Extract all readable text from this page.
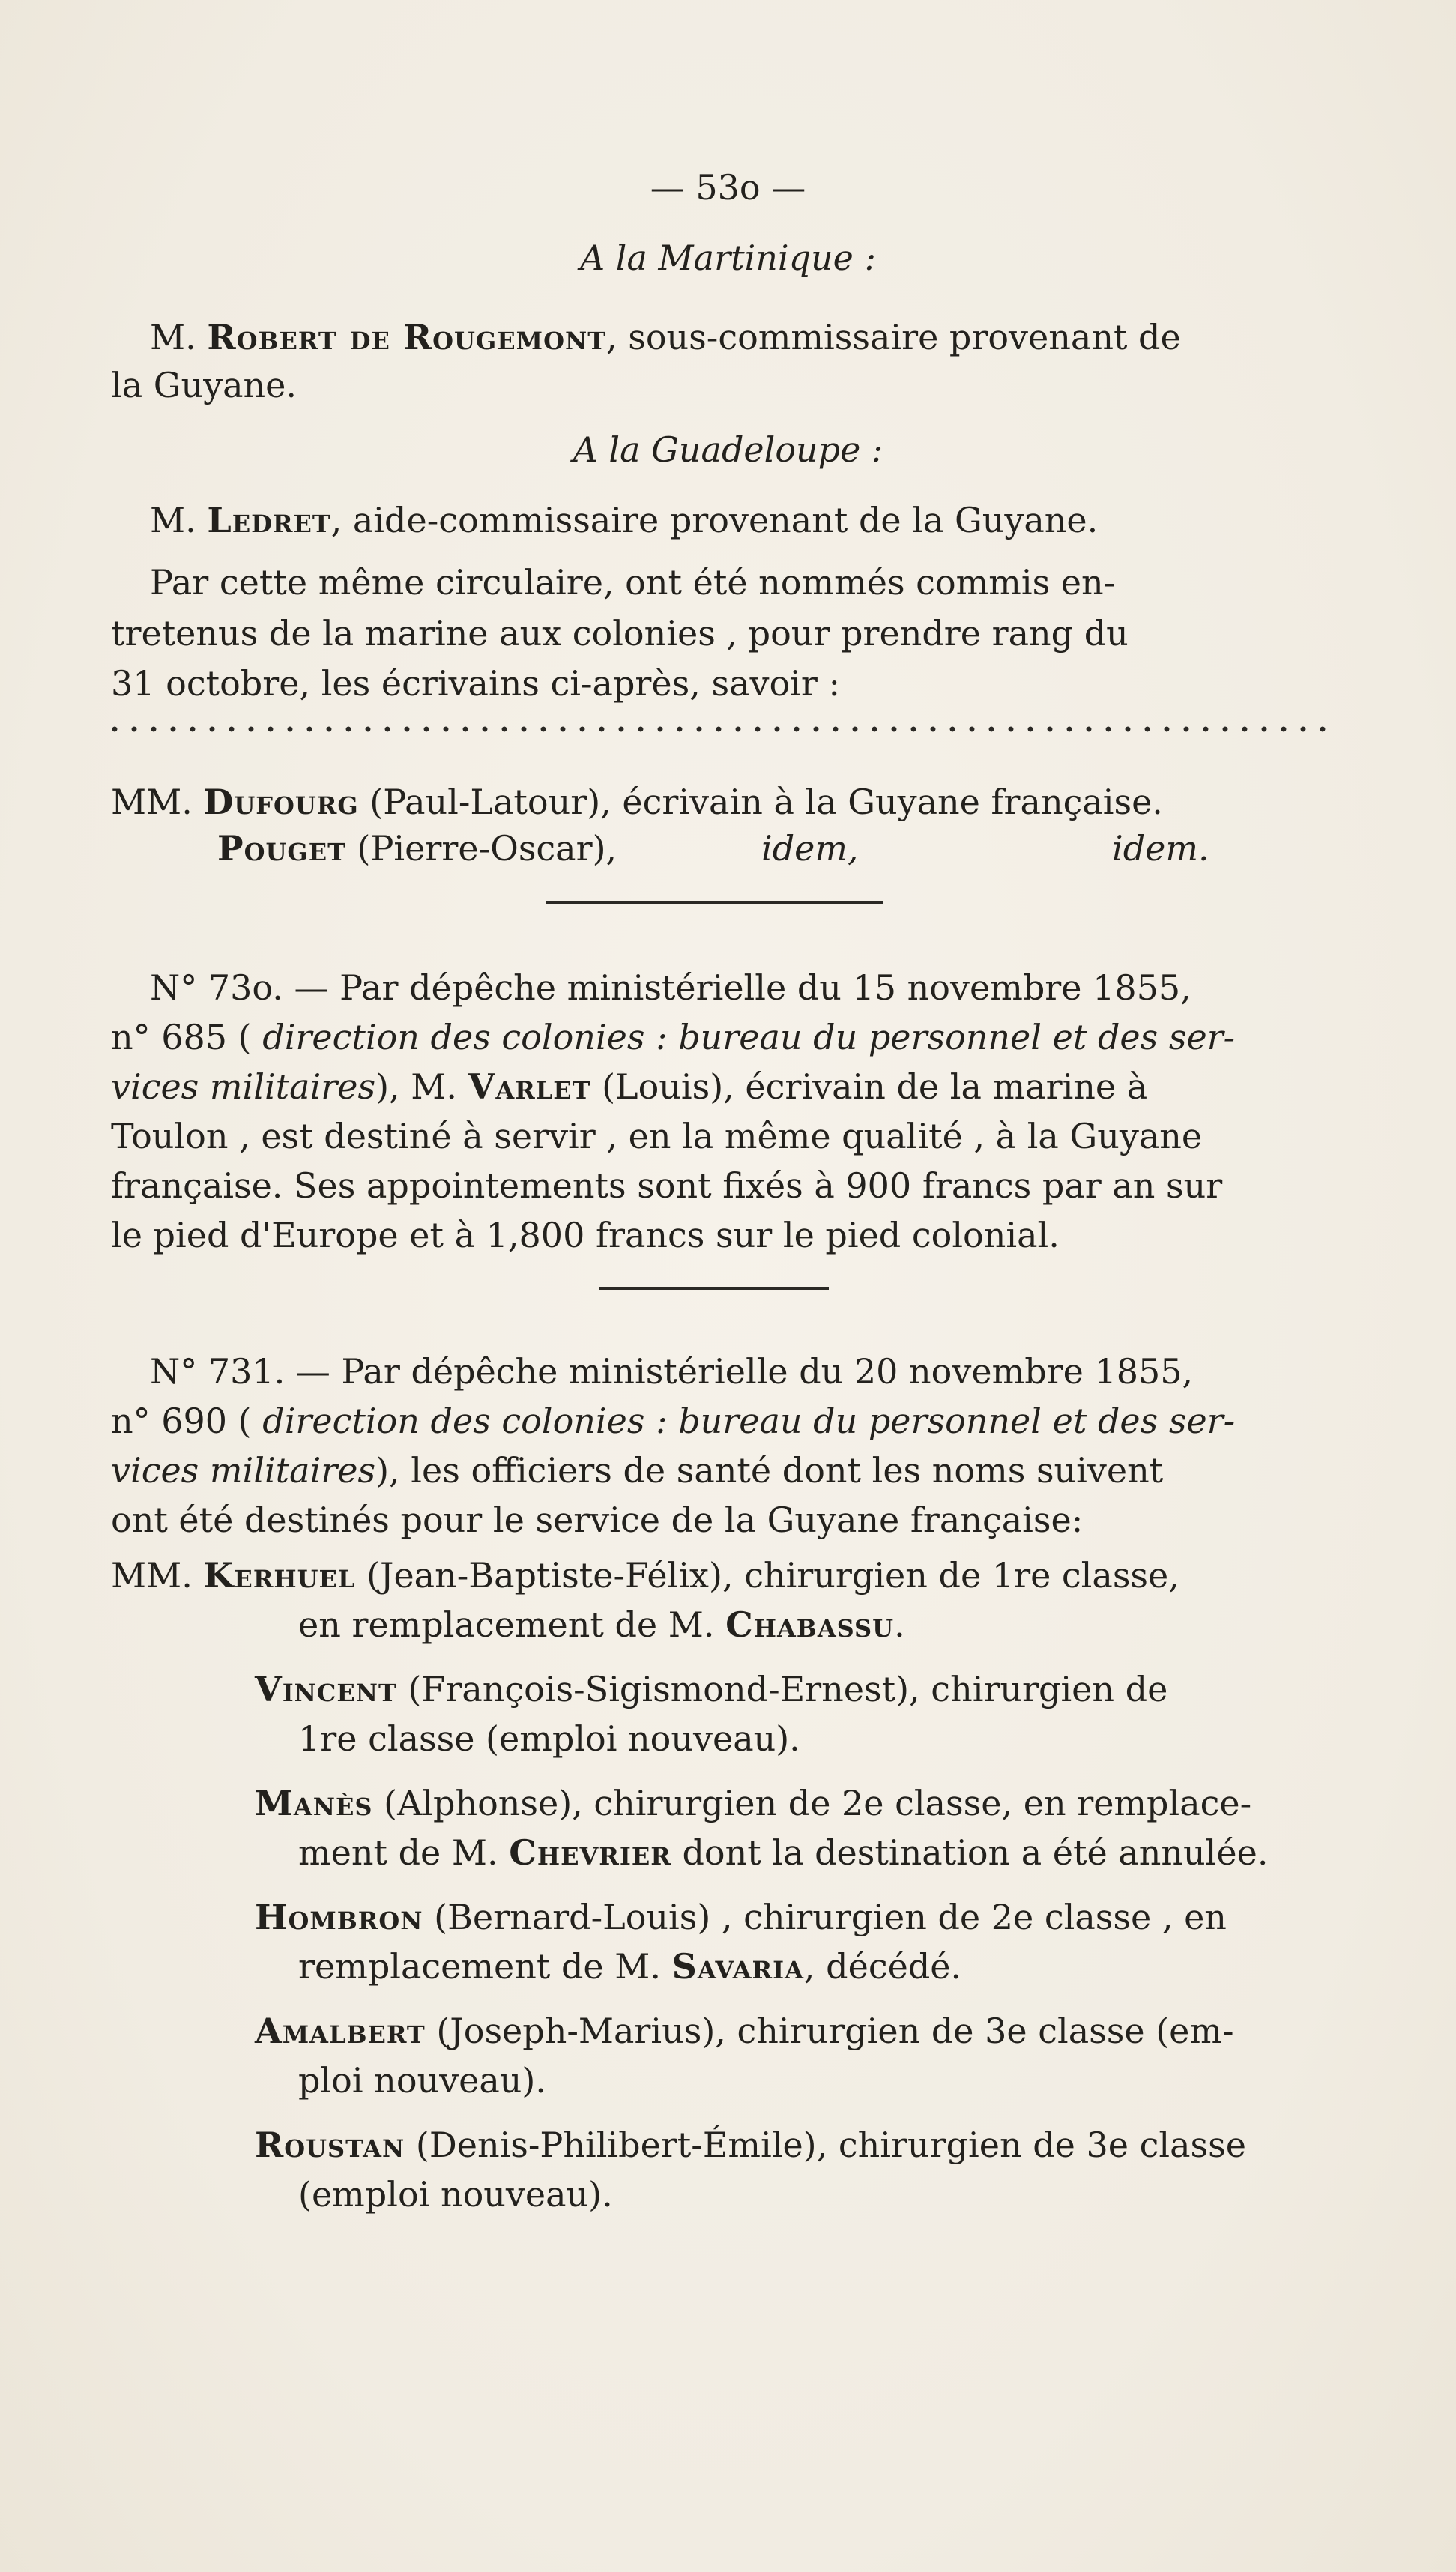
— 53o —
A la Martinique :
M. Robert de Rougemont, sous-commissaire provenant de
la Guyane.
A la Guadeloupe :
M. Ledret, aide-commissaire provenant de la Guyane.
Par cette même circulaire, ont été nommés commis en-
tretenus de la marine aux colonies , pour prendre rang du
31 octobre, les écrivains ci-après, savoir :
MM. Dufourg (Paul-Latour), écrivain à la Guyane française.
Pouget (Pierre-Oscar),	idem,	idem.
N° 73o. — Par dépêche ministérielle du 15 novembre 1855,
n° 685 ( direction des colonies : bureau du personnel et des ser-
vices militaires), M. Varlet (Louis), écrivain de la marine à
Toulon , est destiné à servir , en la même qualité , à la Guyane
française. Ses appointements sont fixés à 900 francs par an sur
le pied d'Europe et à 1,800 francs sur le pied colonial.
N° 731. — Par dépêche ministérielle du 20 novembre 1855,
n° 690 ( direction des colonies : bureau du personnel et des ser-
vices militaires), les officiers de santé dont les noms suivent
ont été destinés pour le service de la Guyane française:
MM. Kerhuel (Jean-Baptiste-Félix), chirurgien de 1re classe,
en remplacement de M. Chabassu.
Vincent (François-Sigismond-Ernest), chirurgien de
1re classe (emploi nouveau).
Manès (Alphonse), chirurgien de 2e classe, en remplace-
ment de M. Chevrier dont la destination a été annulée.
Hombron (Bernard-Louis) , chirurgien de 2e classe , en
remplacement de M. Savaria, décédé.
Amalbert (Joseph-Marius), chirurgien de 3e classe (em-
ploi nouveau).
Roustan (Denis-Philibert-Émile), chirurgien de 3e classe
(emploi nouveau).
